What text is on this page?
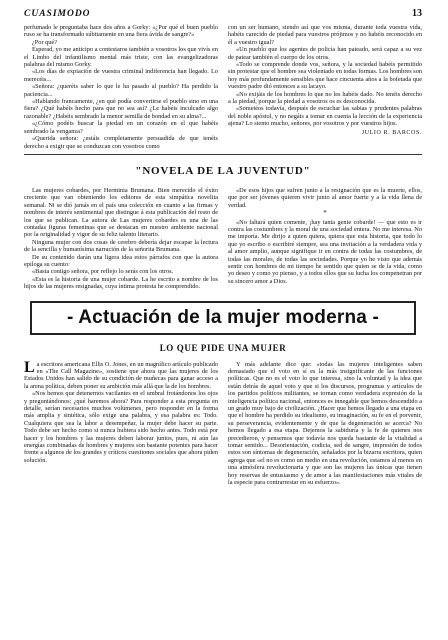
CUASIMODO	13

perfumado le preguntaba hace dos años a Gorky: «¿Por qué el buen pueblo ruso se ha transformado súbitamente en una fiera ávida de sangre?»

¿Por qué?

Esperad, yo me anticipo a contestaros también a vosotros los que vivís en el Limbo del infantilismo mental más triste, con las evangelizadoras palabras del mismo Gorky.

«Los días de expiación de vuestra criminal indiferencia han llegado. Lo merecéis...

«Señora: ¿queréis saber lo que le ha pasado al pueblo? Ha perdido la paciencia...

«Hablando francamente, ¿en qué podía convertirse el pueblo sino en una fiera? ¿Qué habéis hecho para que no sea así? ¿Le habéis inculcado algo razonable? ¿Habéis sembrado la menor semilla de bondad en su alma?...

«¿Cómo podéis buscar la piedad en un corazón en el que habéis sembrado la venganza?

«Querida señora: ¿estáis completamente persuadida de que tenéis derecho a exigir que se conduzcan con vosotros como

con un ser humano, siendo así que vos misma, durante toda vuestra vida, habéis carecido de piedad para vuestros prójimos y no habéis reconocido en él a vuestro igual?

«Un pueblo que los agentes de policía han pateado, será capaz a su vez de patear también el cuerpo de los otros.

«Todo se comprende donde vos, señora, y la sociedad habéis permitido sin protestar que el hombre sea violentado en todas formas. Los hombres son hoy más profundamente sensibles que hace cincuenta años a la bofetada que vuestro padre dió entonces a su lacayo.

«No exijáis de los hombres lo que no les habéis dado. No tenéis derecho a la piedad, porque la piedad a vosotros os es desconocida.

«Sometéos todavía, después de escuchar las sabias y prudentes palabras del noble apóstol, y no negáis a tomar en cuenta la lección de la experiencia ajena? Lo siento mucho, señores, por vosotros y por vuestros hijos.

JULIO R. BARCOS.
"NOVELA DE LA JUVENTUD"

Las mujeres cobardes, por Herminia Brumana. Bien merecido el éxito creciente que van obteniendo los editores de esta simpática novelita semanal. Ni se dió jamás en el país una colección en cuanto a las firmas y nombres de interés sentimental que distingue á esta publicación del resto de los que se publican. La autora de Las mujeres cobardes es una de las contadas figuras femeninas que se destacan en nuestro ambiente nacional por la originalidad y vigor de su feliz talento literario.

Ninguna mujer con dos cosas de cerebro debería dejar escapar la lectura de la sencilla y humanísima narración de la señorita Brumana.

De su contenido darán una ligera idea estos párrafos con que la autora epiloga su cuento:

«Basta contigo señora, por reflejo lo serás con los otros.

«Esta es la historia de una mujer cobarde. La he escrito a nombre de los hijos de las mujeres resignadas, cuya íntima protesta he comprendido.

«De esos hijos que sufren junto a la resignación que es la muerte, ellos, que por ser jóvenes quieren vivir junto al amor fuerte y a la vida llena de verdad.

*

«No faltará quien comente, ¡hay tanta gente cobarde! — que esto es ir contra las costumbres y la moral de una sociedad entera. No me interesa. No me importa. Me dirijo a quien quiera, quiera que esta historia, que todo lo que yo escribo o escribiré siempre, sea una invitación a la verdadera vida y al amor amplio, aunque signifique ir en contra de todas las costumbres, de todas las morales, de todas las sociedades. Porque yo he visto que además sentir con hombres de mi tiempo he sentido que quien se de la vida, como yo deseo y como yo pienso, y a todos ellos que su lucha los compenetran por su sincero amor a Dios.

- Actuación de la mujer moderna -
LO QUE PIDE UNA MUJER

La escritora americana Ellis O. Jones, en un magnífico artículo publicado en «The Call Magazine», sostiene que ahora que las mujeres de los Estados Unidos han salido de su condición de muñecas para ganar acceso a la arena política, deben poner su ambición más allá que la de los hombres.

«Nos hemos que detenernos vacilantes en el umbral frotándonos los ojos y preguntándonos: ¿qué haremos ahora? Para responder a esta pregunta en detalle, serían necesarios muchos volúmenes, pero responder en la forma más amplia y sintética, sólo exige una palabra, y esa palabra es: Todo. Cualquiera que sea la labor a desempeñar, la mujer debe hacer su parte. Todo debe ser hecho como si nunca hubiera sido hecho antes. Todo está por hacer y los hombres y las mujeres deben laborar juntos, pues, ni aún las energías combinadas de hombres y mujeres son bastante potentes para hacer frente a algunos de los grandes y críticos cuestiones sociales que ahora piden solución.

Y más adelante dice que: «todas las mujeres inteligentes saben demasiado que el voto en sí es la más insignificante de las funciones políticas. Que no es el voto lo que interesa, sino la voluntad y la idea que están detrás de aquel voto y que si los discursos, programas y artículos de los partidos políticos militantes, se tornan como verdadera expresión de la inteligencia política nacional, entonces es innegable que hemos descendido a un grado muy bajo de civilización. ¿Hacer que hemos llegado a una etapa en que el hombre ha perdido su idealismo, su imaginación, su fe en el porvenir, su perseverancia, evidentemente y de que la degeneración se acerca? No hemos llegado a esa etapa. Dejemos la sabiduría y la fe de quienes nos precedieron, y pensemos que todavía nos queda bastante de la vitalidad a tomar sentido... Desorientación, codicia, sed de sangre, impresión de todos estos son síntomas de degeneración, señalados por la bizarra escritora, quien agrega que «el no es como un medio en una revolución, estamos al menos en una atmósfera revolucionaria y que son las mujeres las únicas que tienen hoy reservas de entusiasmo y de amor a las manifestaciones más vitales de la especie para contrarrestar en su esfuerzo».
